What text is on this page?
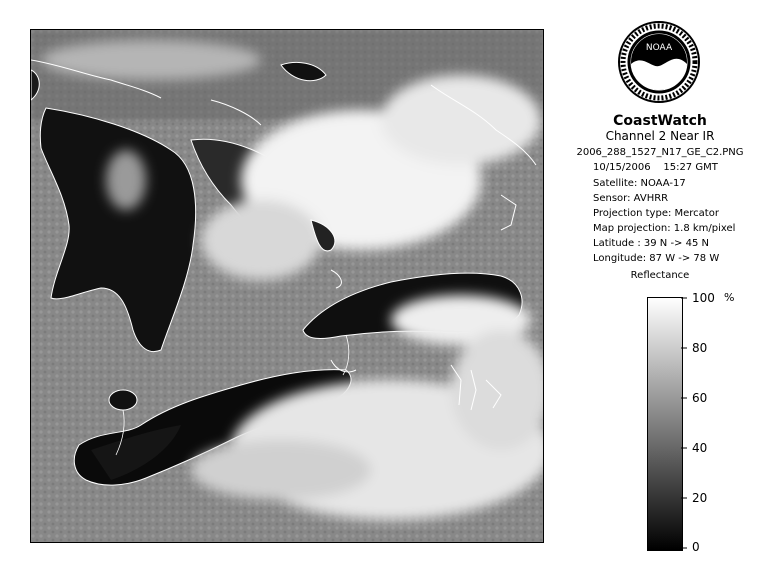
NOAA
CoastWatch
Channel 2 Near IR
2006_288_1527_N17_GE_C2.PNG
10/15/2006    15:27 GMT
Satellite: NOAA-17
Sensor: AVHRR
Projection type: Mercator
Map projection: 1.8 km/pixel
Latitude : 39 N -> 45 N
Longitude: 87 W -> 78 W
Reflectance
%
100
80
60
40
20
0
